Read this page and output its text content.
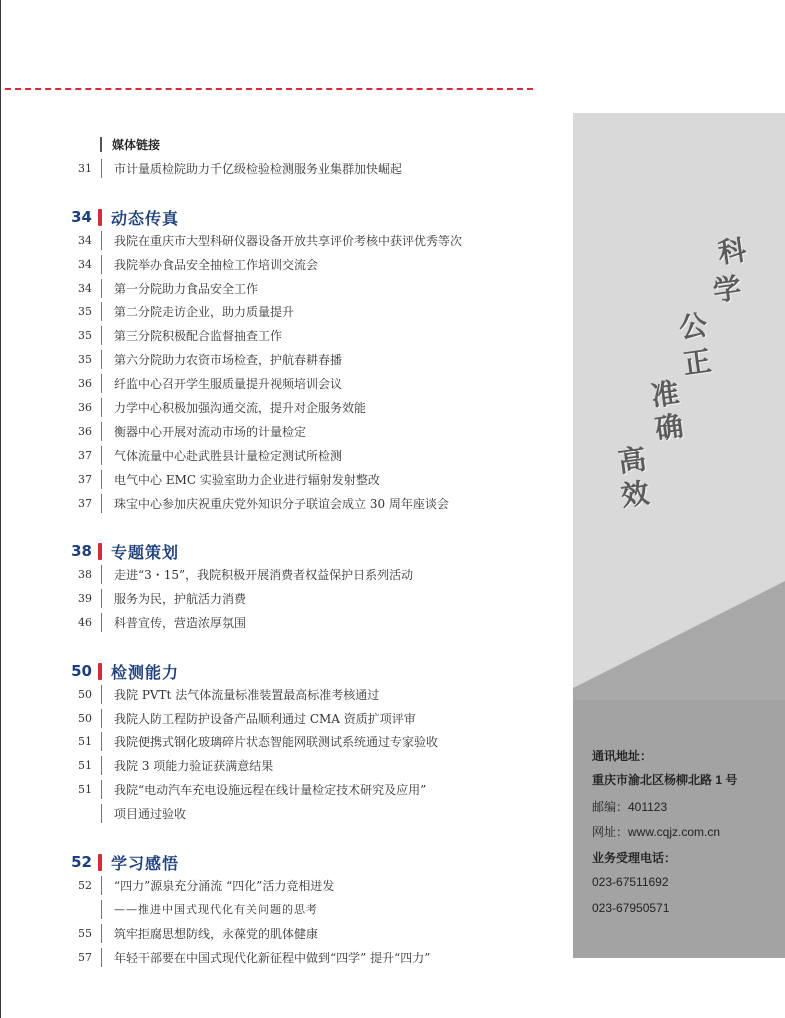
媒体链接
31 市计量质检院助力千亿级检验检测服务业集群加快崛起
34 动态传真
34 我院在重庆市大型科研仪器设备开放共享评价考核中获评优秀等次
34 我院举办食品安全抽检工作培训交流会
34 第一分院助力食品安全工作
35 第二分院走访企业，助力质量提升
35 第三分院积极配合监督抽查工作
35 第六分院助力农资市场检查，护航春耕春播
36 纤监中心召开学生服质量提升视频培训会议
36 力学中心积极加强沟通交流，提升对企服务效能
36 衡器中心开展对流动市场的计量检定
37 气体流量中心赴武胜县计量检定测试所检测
37 电气中心 EMC 实验室助力企业进行辐射发射整改
37 珠宝中心参加庆祝重庆党外知识分子联谊会成立 30 周年座谈会
38 专题策划
38 走进“3・15”，我院积极开展消费者权益保护日系列活动
39 服务为民，护航活力消费
46 科普宣传，营造浓厚氛围
50 检测能力
50 我院 PVTt 法气体流量标准装置最高标准考核通过
50 我院人防工程防护设备产品顺利通过 CMA 资质扩项评审
51 我院便携式钢化玻璃碎片状态智能网联测试系统通过专家验收
51 我院 3 项能力验证获满意结果
51 我院“电动汽车充电设施远程在线计量检定技术研究及应用”
项目通过验收
52 学习感悟
52 “四力”源泉充分涌流 “四化”活力竞相迸发
——推进中国式现代化有关问题的思考
55 筑牢拒腐思想防线，永葆党的肌体健康
57 年轻干部要在中国式现代化新征程中做到“四学” 提升“四力”
科
学
公
正
准
确
高
效
通讯地址：
重庆市渝北区杨柳北路 1 号
邮编：401123
网址：www.cqjz.com.cn
业务受理电话：
023-67511692
023-67950571
